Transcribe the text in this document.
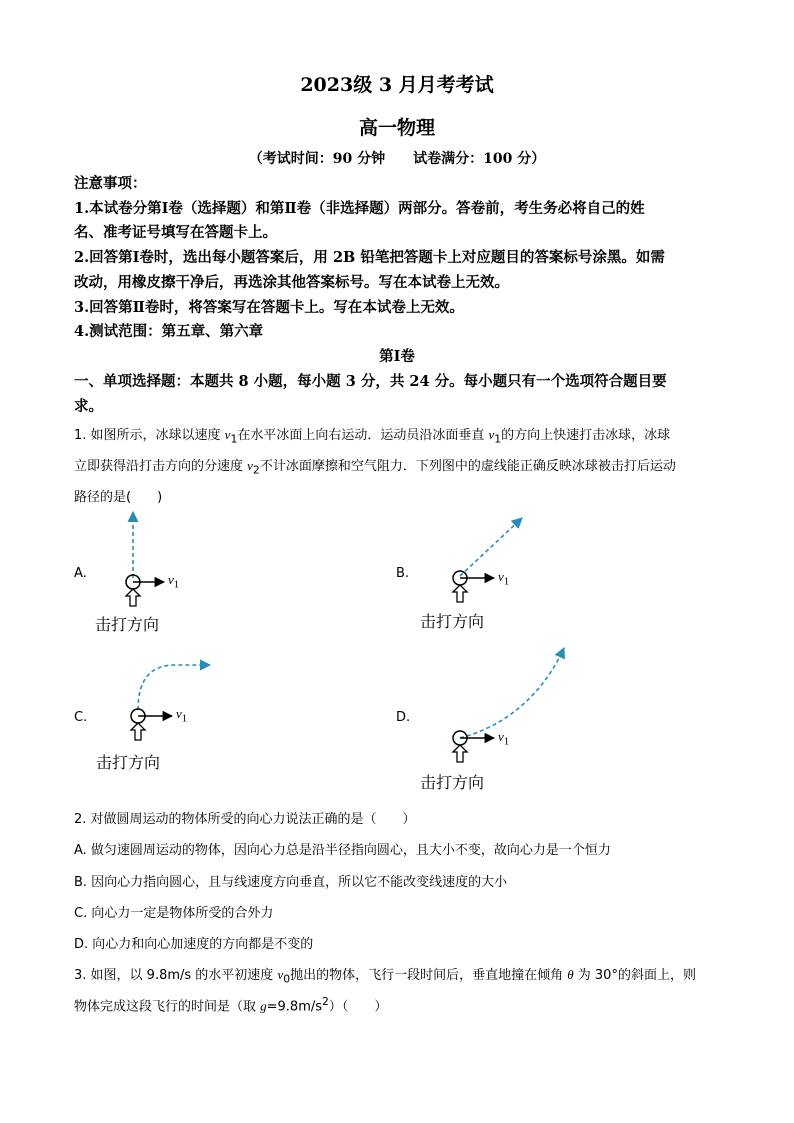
2023级 3 月月考考试
高一物理
（考试时间：90 分钟　　试卷满分：100 分）
注意事项：
1.本试卷分第Ⅰ卷（选择题）和第Ⅱ卷（非选择题）两部分。答卷前，考生务必将自己的姓
名、准考证号填写在答题卡上。
2.回答第Ⅰ卷时，选出每小题答案后，用 2B 铅笔把答题卡上对应题目的答案标号涂黑。如需
改动，用橡皮擦干净后，再选涂其他答案标号。写在本试卷上无效。
3.回答第Ⅱ卷时，将答案写在答题卡上。写在本试卷上无效。
4.测试范围：第五章、第六章
第Ⅰ卷
一、单项选择题：本题共 8 小题，每小题 3 分，共 24 分。每小题只有一个选项符合题目要
求。
1. 如图所示，冰球以速度 $v_1$在水平冰面上向右运动．运动员沿冰面垂直 $v_1$的方向上快速打击冰球，冰球
立即获得沿打击方向的分速度 $v_2$不计冰面摩擦和空气阻力．下列图中的虚线能正确反映冰球被击打后运动
路径的是(　　)
A.	$v_1$
击打方向
B.	$v_1$
击打方向
C.	$v_1$
击打方向
D.
$v_1$
击打方向
2. 对做圆周运动的物体所受的向心力说法正确的是（　　）
A. 做匀速圆周运动的物体，因向心力总是沿半径指向圆心，且大小不变，故向心力是一个恒力
B. 因向心力指向圆心，且与线速度方向垂直，所以它不能改变线速度的大小
C. 向心力一定是物体所受的合外力
D. 向心力和向心加速度的方向都是不变的
3. 如图，以 9.8m/s 的水平初速度 $v_0$抛出的物体，飞行一段时间后，垂直地撞在倾角 θ 为 30°的斜面上，则
物体完成这段飞行的时间是（取 $g=9.8m/s^2$）（　　）
